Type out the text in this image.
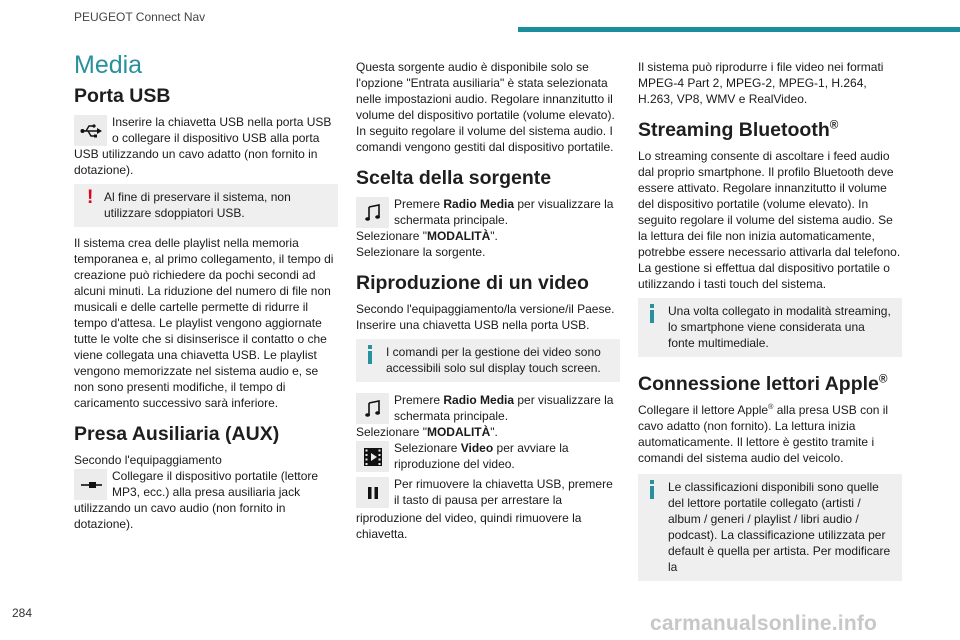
PEUGEOT Connect Nav
Media
Porta USB
Inserire la chiavetta USB nella porta USB o collegare il dispositivo USB alla porta

USB utilizzando un cavo adatto (non fornito in dotazione).

! Al fine di preservare il sistema, non utilizzare sdoppiatori USB.

Il sistema crea delle playlist nella memoria temporanea e, al primo collegamento, il tempo di creazione può richiedere da pochi secondi ad alcuni minuti. La riduzione del numero di file non musicali e delle cartelle permette di ridurre il tempo d'attesa. Le playlist vengono aggiornate tutte le volte che si disinserisce il contatto o che viene collegata una chiavetta USB. Le playlist vengono memorizzate nel sistema audio e, se non sono presenti modifiche, il tempo di caricamento successivo sarà inferiore.

Presa Ausiliaria (AUX)

Secondo l'equipaggiamento

Collegare il dispositivo portatile (lettore MP3, ecc.) alla presa ausiliaria jack

utilizzando un cavo audio (non fornito in dotazione).

Questa sorgente audio è disponibile solo se l'opzione "Entrata ausiliaria" è stata selezionata nelle impostazioni audio. Regolare innanzitutto il volume del dispositivo portatile (volume elevato). In seguito regolare il volume del sistema audio. I comandi vengono gestiti dal dispositivo portatile.

Scelta della sorgente
Premere Radio Media per visualizzare la schermata principale.

Selezionare "MODALITÀ".

Selezionare la sorgente.

Riproduzione di un video

Secondo l'equipaggiamento/la versione/il Paese. Inserire una chiavetta USB nella porta USB.

I comandi per la gestione dei video sono accessibili solo sul display touch screen.
Premere Radio Media per visualizzare la schermata principale.

Selezionare "MODALITÀ".

Selezionare Video per avviare la riproduzione del video.
Per rimuovere la chiavetta USB, premere il tasto di pausa per arrestare la

riproduzione del video, quindi rimuovere la chiavetta.

Il sistema può riprodurre i file video nei formati MPEG-4 Part 2, MPEG-2, MPEG-1, H.264, H.263, VP8, WMV e RealVideo.

Streaming Bluetooth®

Lo streaming consente di ascoltare i feed audio dal proprio smartphone. Il profilo Bluetooth deve essere attivato. Regolare innanzitutto il volume del dispositivo portatile (volume elevato). In seguito regolare il volume del sistema audio. Se la lettura dei file non inizia automaticamente, potrebbe essere necessario attivarla dal telefono. La gestione si effettua dal dispositivo portatile o utilizzando i tasti touch del sistema.

Una volta collegato in modalità streaming, lo smartphone viene considerata una fonte multimediale.
Connessione lettori Apple®

Collegare il lettore Apple® alla presa USB con il cavo adatto (non fornito). La lettura inizia automaticamente. Il lettore è gestito tramite i comandi del sistema audio del veicolo.

Le classificazioni disponibili sono quelle del lettore portatile collegato (artisti / album / generi / playlist / libri audio / podcast). La classificazione utilizzata per default è quella per artista. Per modificare la
284	carmanualsonline.info
